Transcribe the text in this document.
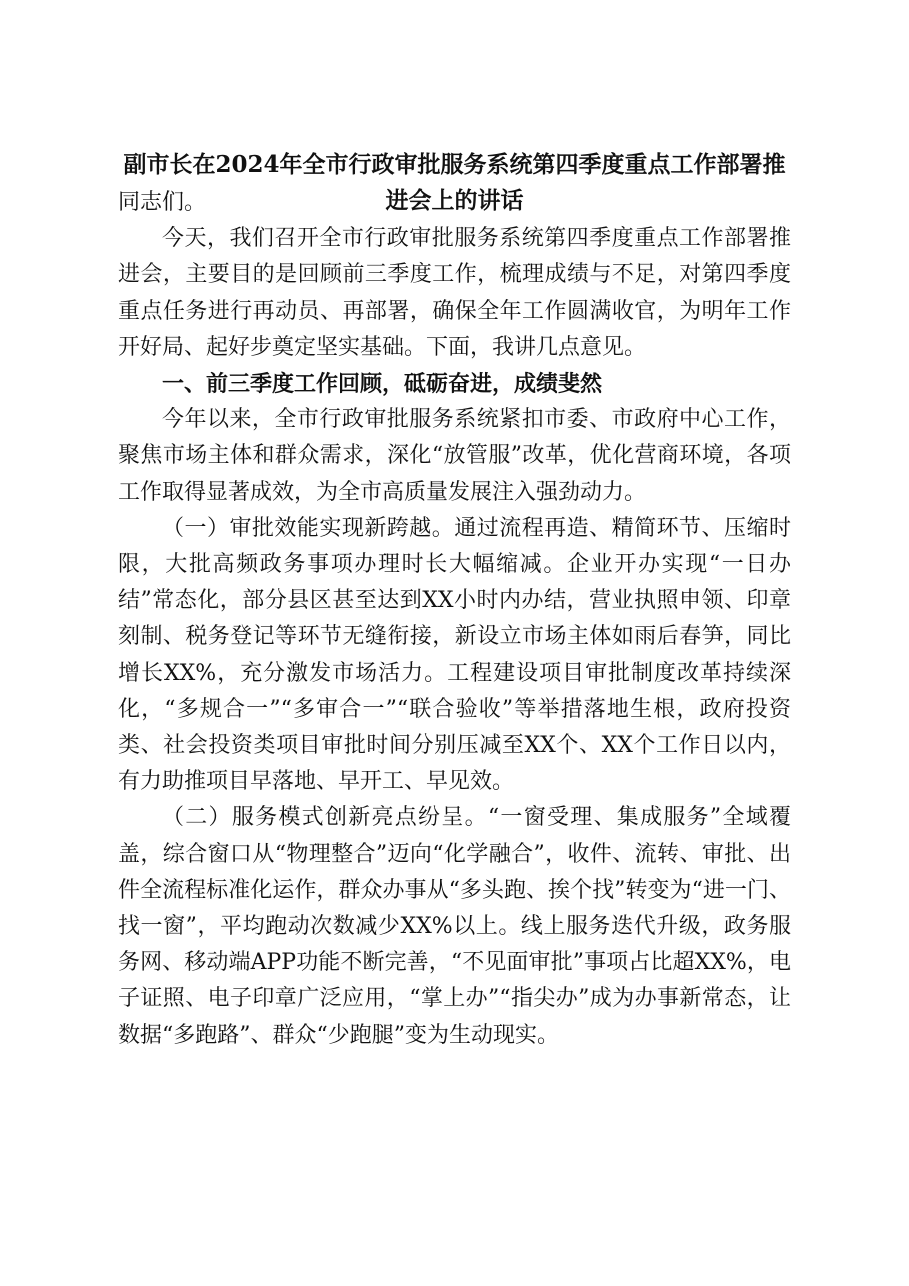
副市长在2024年全市行政审批服务系统第四季度重点工作部署推进会上的讲话

同志们。

今天，我们召开全市行政审批服务系统第四季度重点工作部署推进会，主要目的是回顾前三季度工作，梳理成绩与不足，对第四季度重点任务进行再动员、再部署，确保全年工作圆满收官，为明年工作开好局、起好步奠定坚实基础。下面，我讲几点意见。

一、前三季度工作回顾，砥砺奋进，成绩斐然

今年以来，全市行政审批服务系统紧扣市委、市政府中心工作，聚焦市场主体和群众需求，深化“放管服”改革，优化营商环境，各项工作取得显著成效，为全市高质量发展注入强劲动力。

（一）审批效能实现新跨越。通过流程再造、精简环节、压缩时限，大批高频政务事项办理时长大幅缩减。企业开办实现“一日办结”常态化，部分县区甚至达到XX小时内办结，营业执照申领、印章刻制、税务登记等环节无缝衔接，新设立市场主体如雨后春笋，同比增长XX%，充分激发市场活力。工程建设项目审批制度改革持续深化，“多规合一”“多审合一”“联合验收”等举措落地生根，政府投资类、社会投资类项目审批时间分别压减至XX个、XX个工作日以内，有力助推项目早落地、早开工、早见效。

（二）服务模式创新亮点纷呈。“一窗受理、集成服务”全域覆盖，综合窗口从“物理整合”迈向“化学融合”，收件、流转、审批、出件全流程标准化运作，群众办事从“多头跑、挨个找”转变为“进一门、找一窗”，平均跑动次数减少XX%以上。线上服务迭代升级，政务服务网、移动端APP功能不断完善，“不见面审批”事项占比超XX%，电子证照、电子印章广泛应用，“掌上办”“指尖办”成为办事新常态，让数据“多跑路”、群众“少跑腿”变为生动现实。
